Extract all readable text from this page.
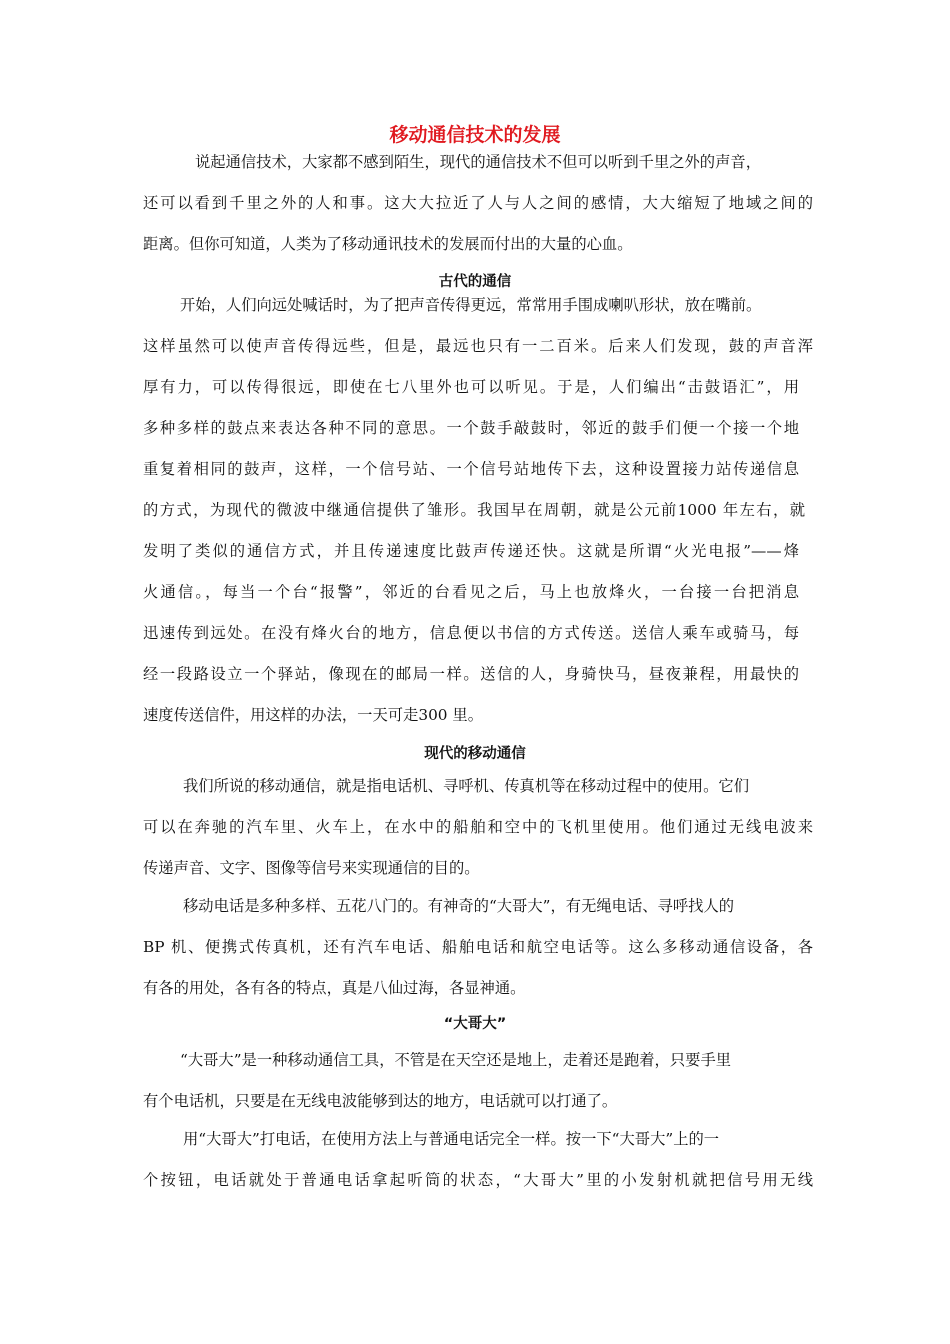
移动通信技术的发展
说起通信技术，大家都不感到陌生，现代的通信技术不但可以听到千里之外的声音，
还可以看到千里之外的人和事。这大大拉近了人与人之间的感情，大大缩短了地域之间的
距离。但你可知道，人类为了移动通讯技术的发展而付出的大量的心血。
古代的通信
开始，人们向远处喊话时，为了把声音传得更远，常常用手围成喇叭形状，放在嘴前。
这样虽然可以使声音传得远些，但是，最远也只有一二百米。后来人们发现，鼓的声音浑
厚有力，可以传得很远，即使在七八里外也可以听见。于是，人们编出“击鼓语汇”，用
多种多样的鼓点来表达各种不同的意思。一个鼓手敲鼓时，邻近的鼓手们便一个接一个地
重复着相同的鼓声，这样，一个信号站、一个信号站地传下去，这种设置接力站传递信息
的方式，为现代的微波中继通信提供了雏形。我国早在周朝，就是公元前1000 年左右，就
发明了类似的通信方式，并且传递速度比鼓声传递还快。这就是所谓“火光电报”——烽
火通信。，每当一个台“报警”，邻近的台看见之后，马上也放烽火，一台接一台把消息
迅速传到远处。在没有烽火台的地方，信息便以书信的方式传送。送信人乘车或骑马，每
经一段路设立一个驿站，像现在的邮局一样。送信的人，身骑快马，昼夜兼程，用最快的
速度传送信件，用这样的办法，一天可走300 里。
现代的移动通信
我们所说的移动通信，就是指电话机、寻呼机、传真机等在移动过程中的使用。它们
可以在奔驰的汽车里、火车上，在水中的船舶和空中的飞机里使用。他们通过无线电波来
传递声音、文字、图像等信号来实现通信的目的。
移动电话是多种多样、五花八门的。有神奇的“大哥大”，有无绳电话、寻呼找人的
BP 机、便携式传真机，还有汽车电话、船舶电话和航空电话等。这么多移动通信设备，各
有各的用处，各有各的特点，真是八仙过海，各显神通。
“大哥大”
“大哥大”是一种移动通信工具，不管是在天空还是地上，走着还是跑着，只要手里
有个电话机，只要是在无线电波能够到达的地方，电话就可以打通了。
用“大哥大”打电话，在使用方法上与普通电话完全一样。按一下“大哥大”上的一
个按钮，电话就处于普通电话拿起听筒的状态，“大哥大”里的小发射机就把信号用无线
